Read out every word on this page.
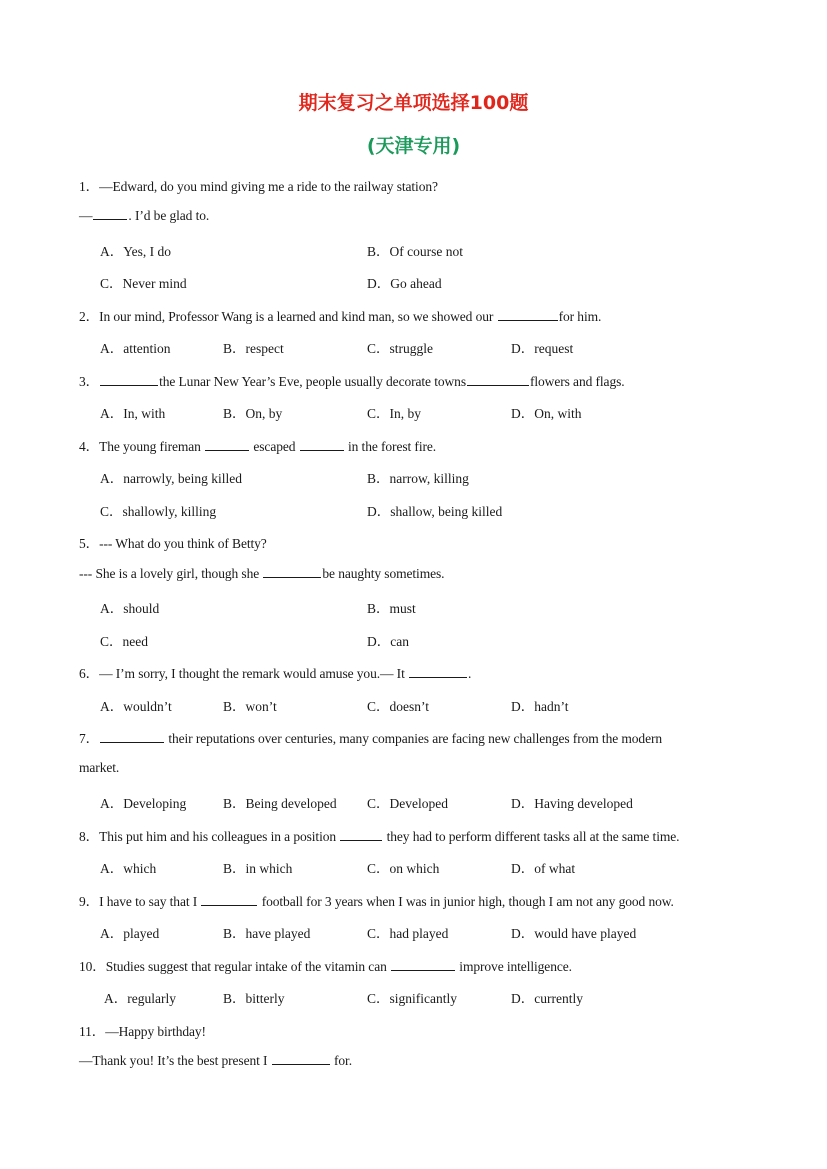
期末复习之单项选择100题
(天津专用)
1．—Edward, do you mind giving me a ride to the railway station?
—	. I’d be glad to.
A．Yes, I do	B．Of course not
C．Never mind	D．Go ahead
2．In our mind, Professor Wang is a learned and kind man, so we showed our	for him.
A．attention	B．respect	C．struggle	D．request
3．	the Lunar New Year’s Eve, people usually decorate towns	flowers and flags.
A．In, with	B．On, by	C．In, by	D．On, with
4．The young fireman	escaped	in the forest fire.
A．narrowly, being killed	B．narrow, killing
C．shallowly, killing	D．shallow, being killed
5．--- What do you think of Betty?
--- She is a lovely girl, though she	be naughty sometimes.
A．should	B．must
C．need	D．can
6．— I’m sorry, I thought the remark would amuse you.— It	.
A．wouldn’t	B．won’t	C．doesn’t	D．hadn’t
7．	their reputations over centuries, many companies are facing new challenges from the modern
market.
A．Developing	B．Being developed C．Developed	D．Having developed
8．This put him and his colleagues in a position	they had to perform different tasks all at the same time.
A．which	B．in which	C．on which	D．of what
9．I have to say that I	football for 3 years when I was in junior high, though I am not any good now.
A．played	B．have played	C．had played	D．would have played
10．Studies suggest that regular intake of the vitamin can	improve intelligence.
A．regularly	B．bitterly	C．significantly	D．currently
11．—Happy birthday!
—Thank you! It’s the best present I	for.
